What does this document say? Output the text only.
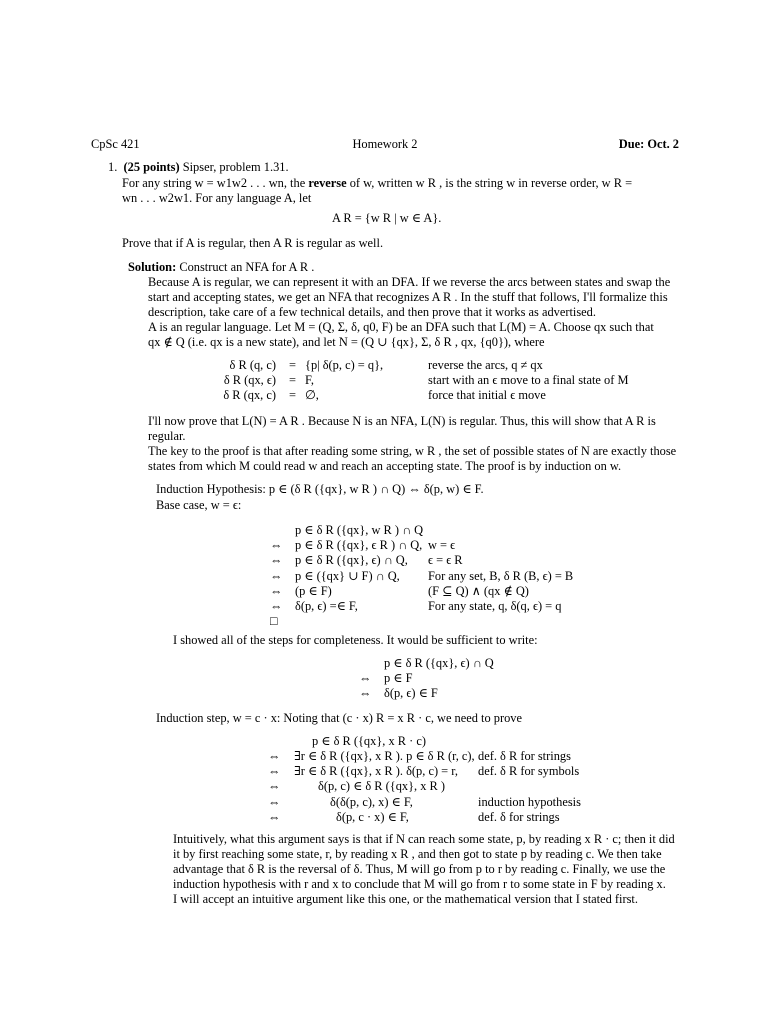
CpSc 421	Homework 2	Due: Oct. 2
1. (25 points) Sipser, problem 1.31.
For any string w = w1w2 . . . wn, the reverse of w, written w R , is the string w in reverse order, w R =
wn . . . w2w1. For any language A, let
A R = {w R | w ∈ A}.
Prove that if A is regular, then A R is regular as well.
Solution: Construct an NFA for A R .
Because A is regular, we can represent it with an DFA. If we reverse the arcs between states and swap the
start and accepting states, we get an NFA that recognizes A R . In the stuff that follows, I'll formalize this
description, take care of a few technical details, and then prove that it works as advertised.
A is an regular language. Let M = (Q, Σ, δ, q0, F) be an DFA such that L(M) = A. Choose qx such that
qx ∉ Q (i.e. qx is a new state), and let N = (Q ∪ {qx}, Σ, δ R , qx, {q0}), where
δ R (q, c) = {p| δ(p, c) = q},	reverse the arcs, q ≠ qx
δ R (qx, ϵ) = F,	start with an ϵ move to a final state of M
δ R (qx, c) = ∅,	force that initial ϵ move
I'll now prove that L(N) = A R . Because N is an NFA, L(N) is regular. Thus, this will show that A R is
regular.
The key to the proof is that after reading some string, w R , the set of possible states of N are exactly those
states from which M could read w and reach an accepting state. The proof is by induction on w.
Induction Hypothesis: p ∈ (δ R ({qx}, w R ) ∩ Q) ⇔ δ(p, w) ∈ F.
Base case, w = ϵ:
p ∈ δ R ({qx}, w R ) ∩ Q
⇔ p ∈ δ R ({qx}, ϵ R ) ∩ Q, w = ϵ
⇔ p ∈ δ R ({qx}, ϵ) ∩ Q, ϵ = ϵ R
⇔ p ∈ ({qx} ∪ F) ∩ Q, For any set, B, δ R (B, ϵ) = B
⇔ (p ∈ F)	(F ⊆ Q) ∧ (qx ∉ Q)
⇔ δ(p, ϵ) =∈ F,	For any state, q, δ(q, ϵ) = q
□
I showed all of the steps for completeness. It would be sufficient to write:
p ∈ δ R ({qx}, ϵ) ∩ Q
⇔ p ∈ F
⇔ δ(p, ϵ) ∈ F
Induction step, w = c · x: Noting that (c · x) R = x R · c, we need to prove
p ∈ δ R ({qx}, x R · c)
⇔ ∃r ∈ δ R ({qx}, x R ). p ∈ δ R (r, c), def. δ R for strings
⇔ ∃r ∈ δ R ({qx}, x R ). δ(p, c) = r, def. δ R for symbols
⇔	δ(p, c) ∈ δ R ({qx}, x R )
⇔	δ(δ(p, c), x) ∈ F,	induction hypothesis
⇔	δ(p, c · x) ∈ F,	def. δ for strings
Intuitively, what this argument says is that if N can reach some state, p, by reading x R · c; then it did
it by first reaching some state, r, by reading x R , and then got to state p by reading c. We then take
advantage that δ R is the reversal of δ. Thus, M will go from p to r by reading c. Finally, we use the
induction hypothesis with r and x to conclude that M will go from r to some state in F by reading x.
I will accept an intuitive argument like this one, or the mathematical version that I stated first.
